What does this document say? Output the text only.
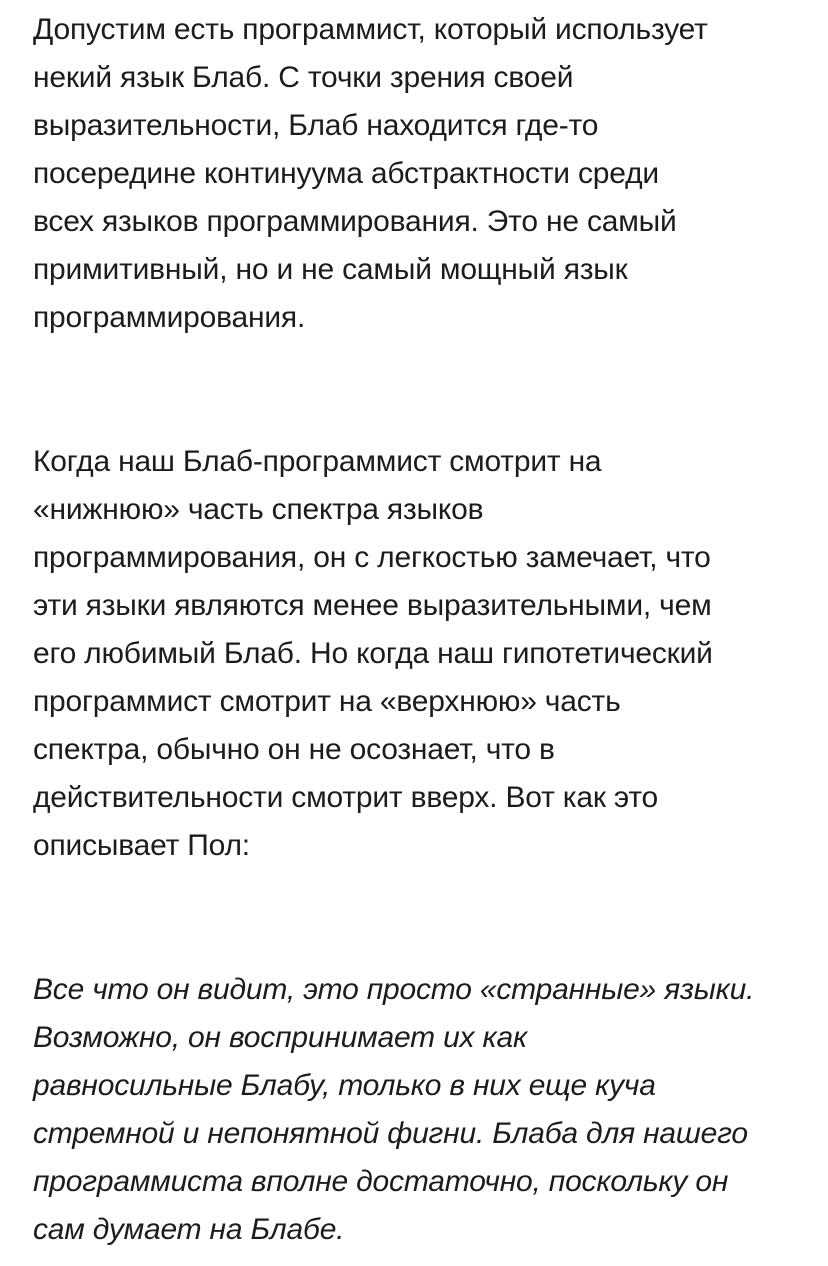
Допустим есть программист, который использует
некий язык Блаб. С точки зрения своей
выразительности, Блаб находится где-то
посередине континуума абстрактности среди
всех языков программирования. Это не самый
примитивный, но и не самый мощный язык
программирования.

Когда наш Блаб-программист смотрит на
«нижнюю» часть спектра языков
программирования, он с легкостью замечает, что
эти языки являются менее выразительными, чем
его любимый Блаб. Но когда наш гипотетический
программист смотрит на «верхнюю» часть
спектра, обычно он не осознает, что в
действительности смотрит вверх. Вот как это
описывает Пол:

Все что он видит, это просто «странные» языки.
Возможно, он воспринимает их как
равносильные Блабу, только в них еще куча
стремной и непонятной фигни. Блаба для нашего
программиста вполне достаточно, поскольку он
сам думает на Блабе.
